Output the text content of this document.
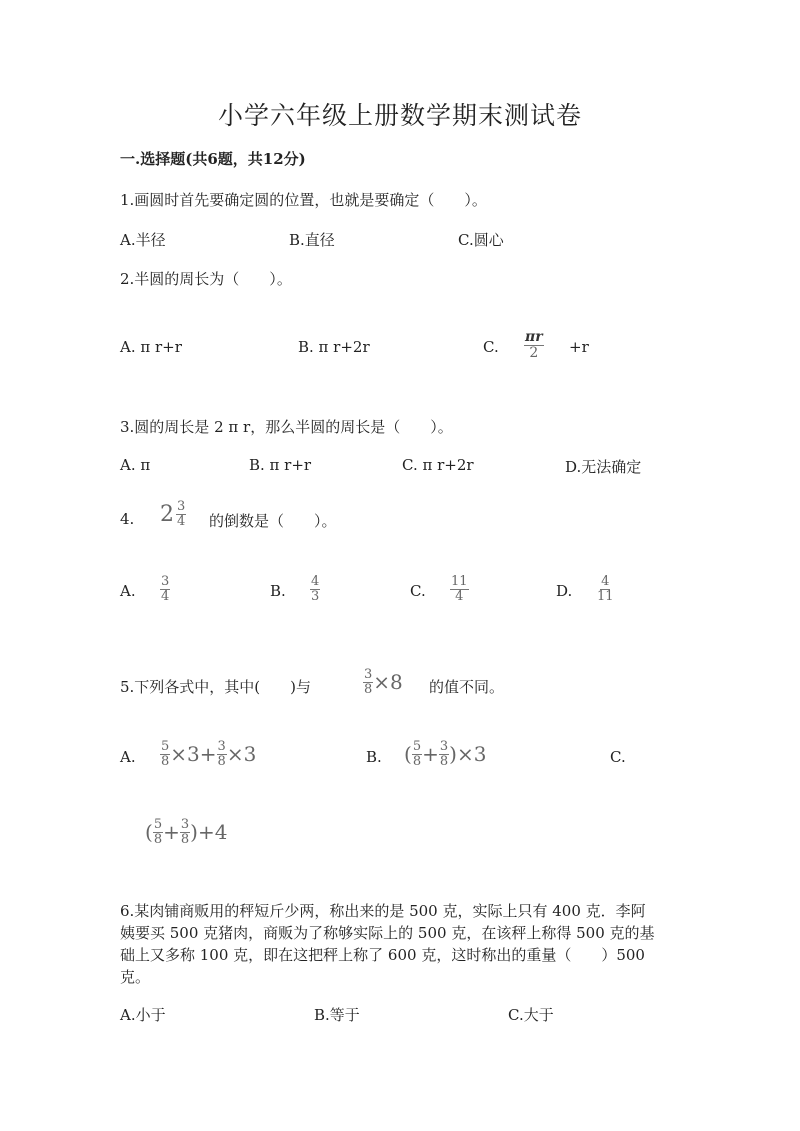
小学六年级上册数学期末测试卷
一.选择题(共6题，共12分)
1.画圆时首先要确定圆的位置，也就是要确定（　　）。
A.半径	B.直径	C.圆心
2.半圆的周长为（　　）。
A. π r+r	B. π r+2r	C. $\frac{\pi r}{2} +r$
3.圆的周长是 2 π r，那么半圆的周长是（　　）。
A. π	B. π r+r	C. π r+2r	D.无法确定
4. $2 \frac{3}{4}$ 的倒数是（　　）。
A. $\frac{3}{4}$	B. $\frac{4}{3}$	C. $\frac{11}{4}$	D. $\frac{4}{11}$
5.下列各式中，其中(　　)与	$\frac{3}{8} \times 8$ 的值不同。
A. $\frac{5}{8} \times 3+ \frac{3}{8} \times 3$	B. ( $\frac{5}{8} + \frac{3}{8} )\times 3$	C.
( $\frac{5}{8} + \frac{3}{8} )+4$
6.某肉铺商贩用的秤短斤少两，称出来的是 500 克，实际上只有 400 克．李阿
姨要买 500 克猪肉，商贩为了称够实际上的 500 克，在该秤上称得 500 克的基
础上又多称 100 克，即在这把秤上称了 600 克，这时称出的重量（　　）500
克。
A.小于	B.等于	C.大于
